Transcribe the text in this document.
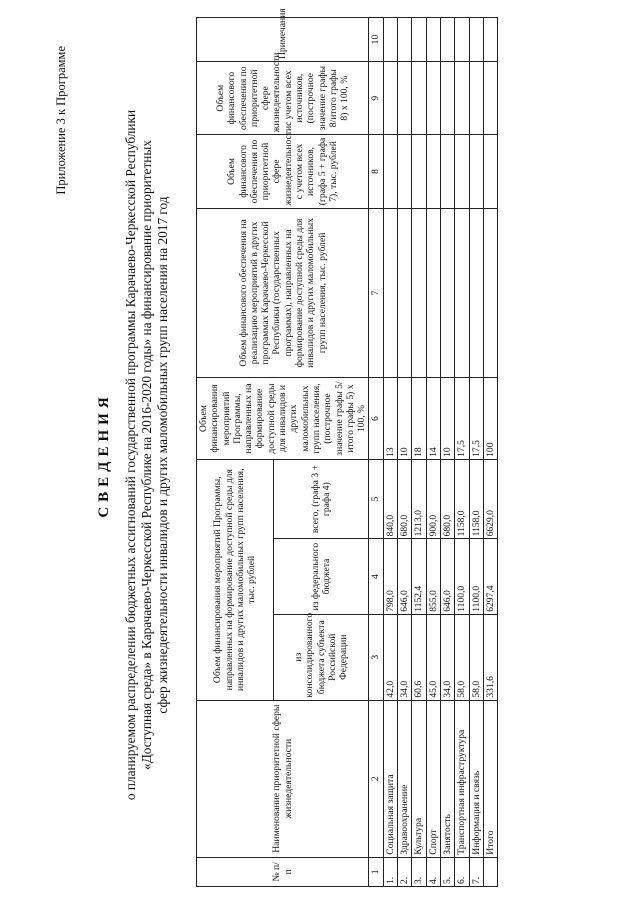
Приложение 3 к Программе
СВЕДЕНИЯ о планируемом распределении бюджетных ассигнований государственной программы Карачаево-Черкесской Республики «Доступная среда» в Карачаево-Черкесской Республике на 2016-2020 годы» на финансирование приоритетных сфер жизнедеятельности инвалидов и других маломобильных групп населения на 2017 год
№ п/п	Наименование приоритетной сферы жизнедеятельности	Объем финансирования мероприятий Программы, направленных на формирование доступной среды для инвалидов и других маломобильных групп населения, тыс. рублей			Объем финансирования мероприятий Программы, направленных на формирование доступной среды для инвалидов и других маломобильных групп населения, (построчное значение графы 5/итого графы 5) х 100, %	Объем финансового обеспечения на реализацию мероприятий в других программах Карачаево-Черкесской Республики (государственных программах), направленных на формирование доступной среды для инвалидов и других маломобильных групп населения, тыс. рублей	Объем финансового обеспечения по приоритетной сфере жизнедеятельности с учетом всех источников, (графа 5 + графа 7), тыс. рублей	Объем финансового обеспечения по приоритетной сфере жизнедеятельности с учетом всех источников, (построчное значение графы 8/итого графы 8) х 100, %	Примечания
		из консолидированного бюджета субъекта Российской Федерации	из федерального бюджета	всего, (графа 3 + графа 4)					
1	2	3	4	5	6	7	8	9	10
1.	Социальная защита	42,0	798,0	840,0	13				
2.	Здравоохранение	34,0	646,0	680,0	10				
3.	Культура	60,6	1152,4	1213,0	18				
4.	Спорт	45,0	855,0	900,0	14				
5.	Занятость	34,0	646,0	680,0	10				
6.	Транспортная инфраструктура	58,0	1100,0	1158,0	17,5				
7.	Информация и связь	58,0	1100,0	1158,0	17,5				
	Итого	331,6	6297,4	6629,0	100				
